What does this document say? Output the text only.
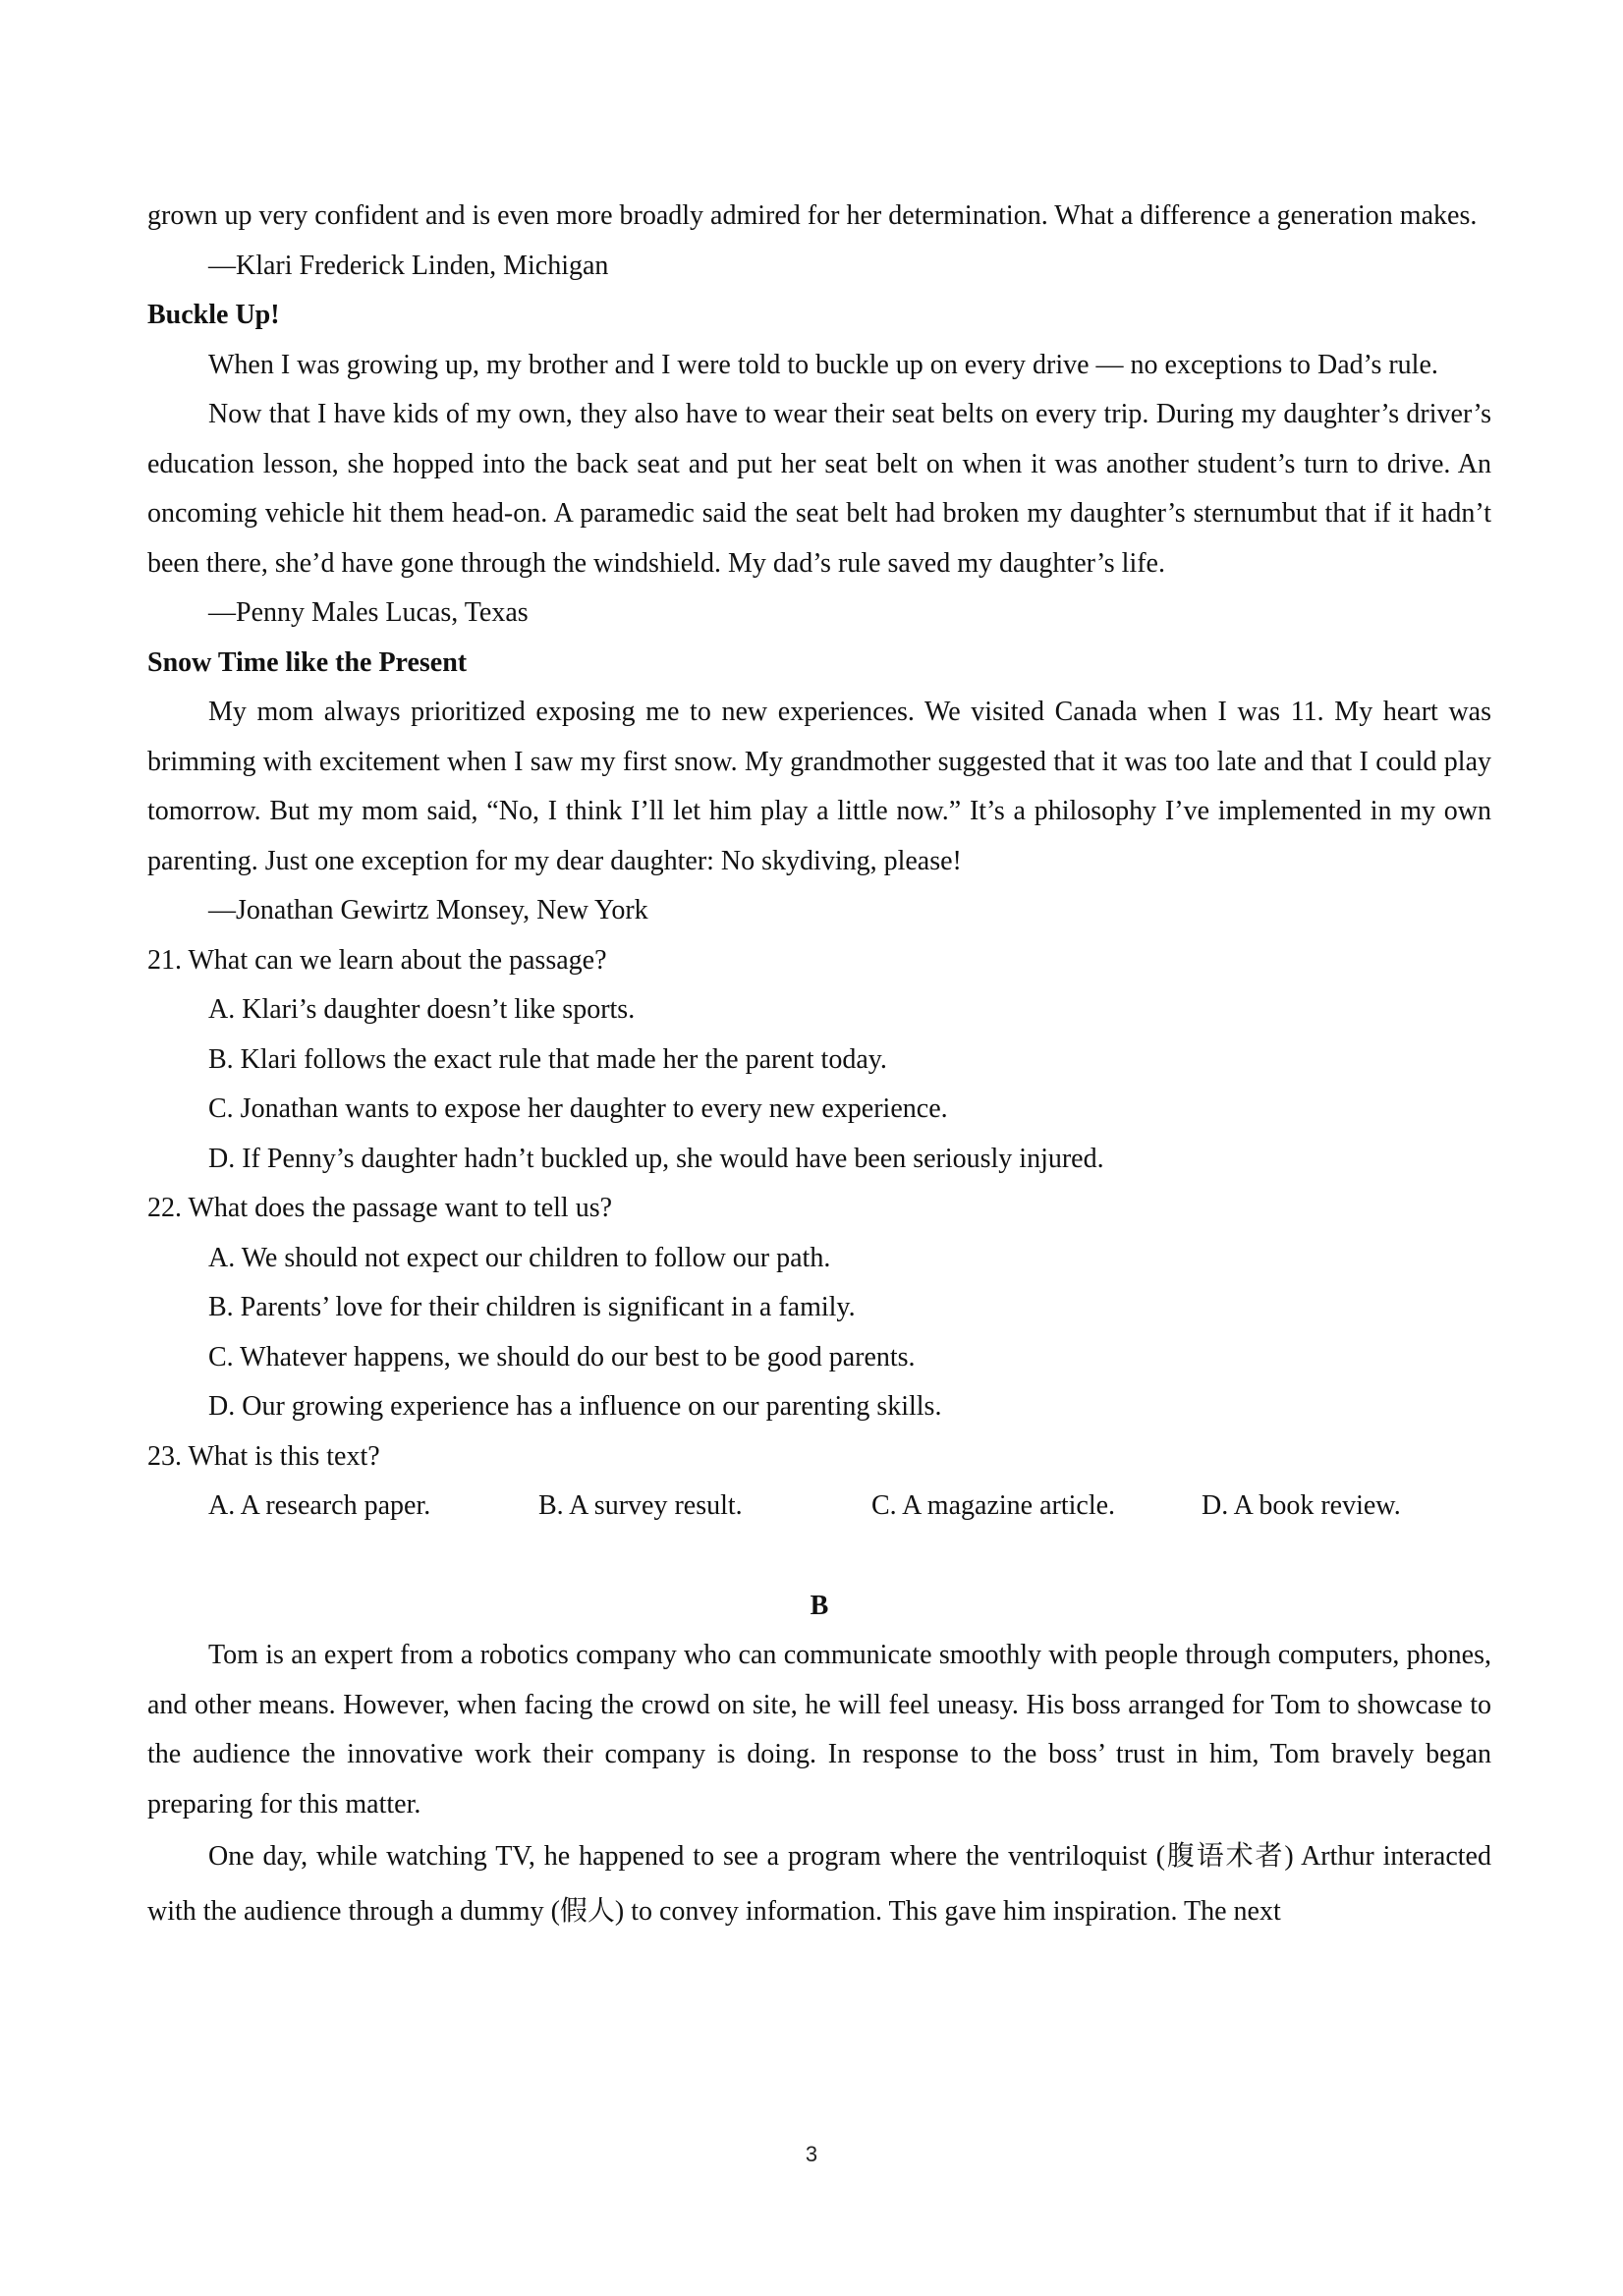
grown up very confident and is even more broadly admired for her determination. What a difference a generation makes.

—Klari Frederick Linden, Michigan

Buckle Up!

When I was growing up, my brother and I were told to buckle up on every drive — no exceptions to Dad’s rule.

Now that I have kids of my own, they also have to wear their seat belts on every trip. During my daughter’s driver’s education lesson, she hopped into the back seat and put her seat belt on when it was another student’s turn to drive. An oncoming vehicle hit them head-on. A paramedic said the seat belt had broken my daughter’s sternumbut that if it hadn’t been there, she’d have gone through the windshield. My dad’s rule saved my daughter’s life.

—Penny Males Lucas, Texas

Snow Time like the Present

My mom always prioritized exposing me to new experiences. We visited Canada when I was 11. My heart was brimming with excitement when I saw my first snow. My grandmother suggested that it was too late and that I could play tomorrow. But my mom said, “No, I think I’ll let him play a little now.” It’s a philosophy I’ve implemented in my own parenting. Just one exception for my dear daughter: No skydiving, please!

—Jonathan Gewirtz Monsey, New York

21. What can we learn about the passage?

A. Klari’s daughter doesn’t like sports.

B. Klari follows the exact rule that made her the parent today.

C. Jonathan wants to expose her daughter to every new experience.

D. If Penny’s daughter hadn’t buckled up, she would have been seriously injured.

22. What does the passage want to tell us?

A. We should not expect our children to follow our path.

B. Parents’ love for their children is significant in a family.

C. Whatever happens, we should do our best to be good parents.

D. Our growing experience has a influence on our parenting skills.

23. What is this text?

A. A research paper.	B. A survey result.	C. A magazine article.	D. A book review.

B

Tom is an expert from a robotics company who can communicate smoothly with people through computers, phones, and other means. However, when facing the crowd on site, he will feel uneasy. His boss arranged for Tom to showcase to the audience the innovative work their company is doing. In response to the boss’ trust in him, Tom bravely began preparing for this matter.

One day, while watching TV, he happened to see a program where the ventriloquist (腹语术者) Arthur interacted with the audience through a dummy (假人) to convey information. This gave him inspiration. The next

3
